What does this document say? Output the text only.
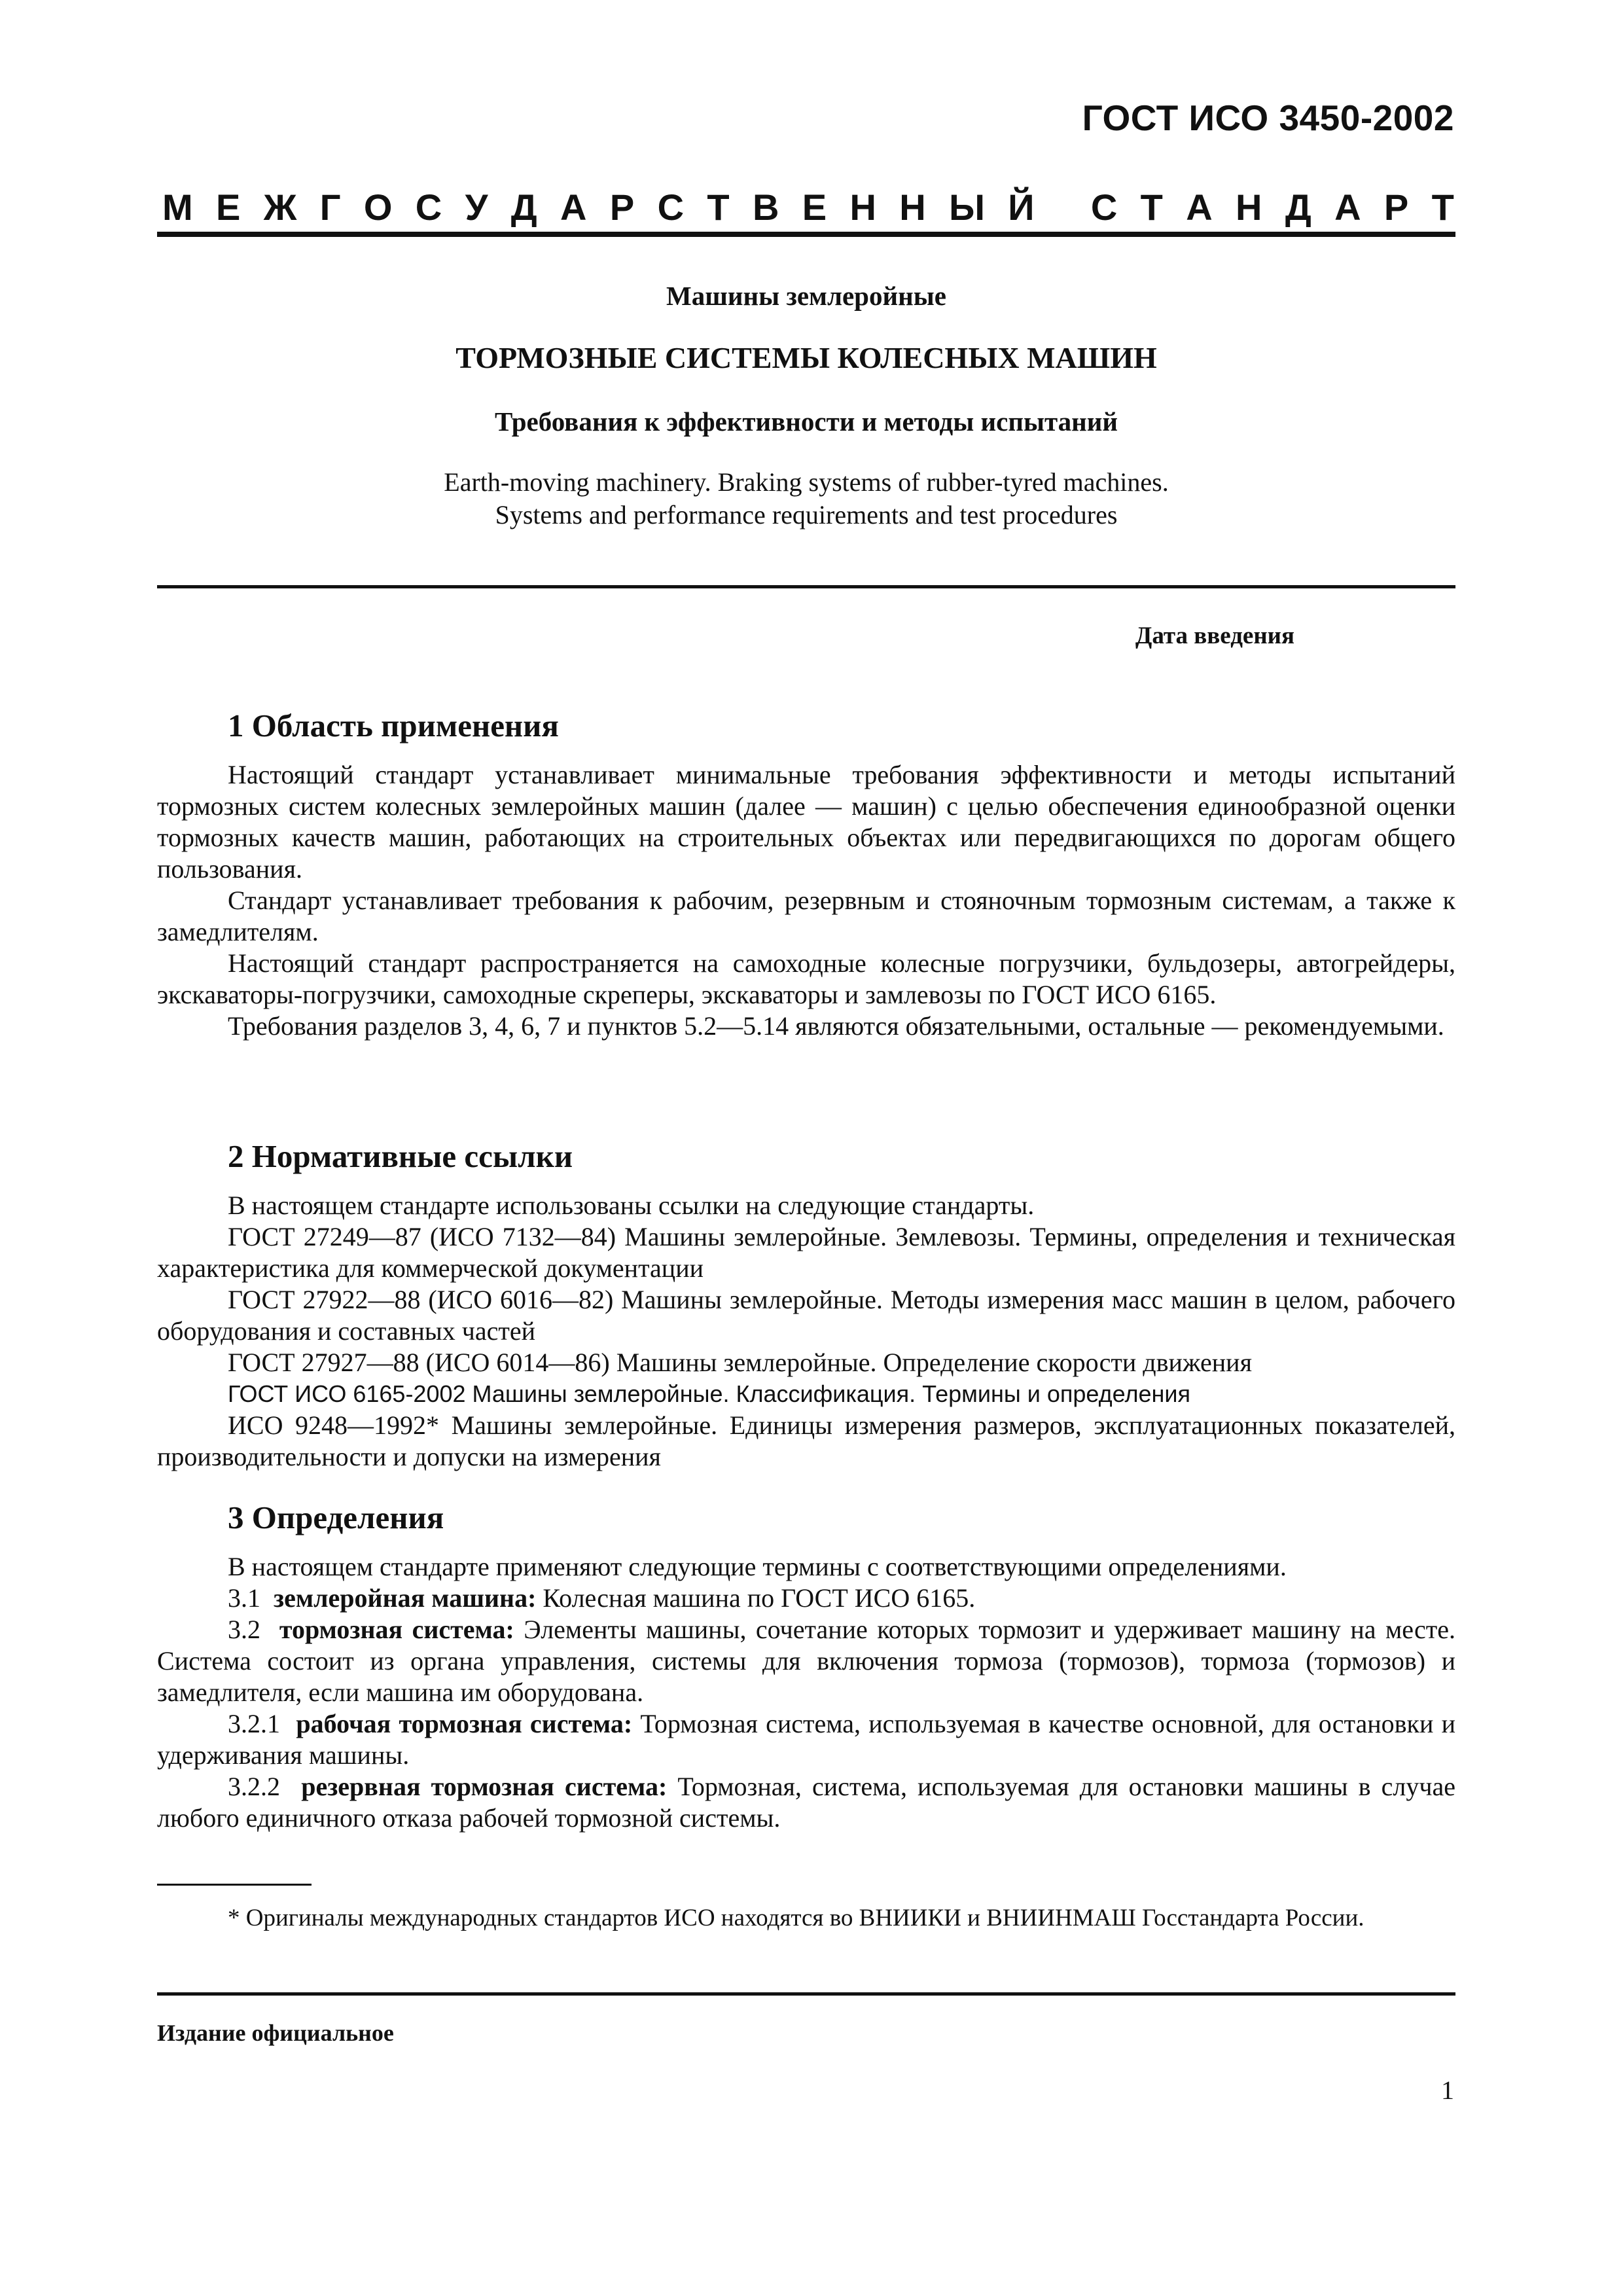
ГОСТ ИСО 3450-2002
М Е Ж Г О С У Д А Р С Т В Е Н Н Ы Й
С Т А Н Д А Р Т
Машины землеройные
ТОРМОЗНЫЕ СИСТЕМЫ КОЛЕСНЫХ МАШИН
Требования к эффективности и методы испытаний
Earth-moving machinery. Braking systems of rubber-tyred machines.
Systems and performance requirements and test procedures
Дата введения
1 Область применения

Настоящий стандарт устанавливает минимальные требования эффективности и методы испытаний тормозных систем колесных землеройных машин (далее — машин) с целью обеспечения единообразной оценки тормозных качеств машин, работающих на строительных объектах или передвигающихся по дорогам общего пользования.

Стандарт устанавливает требования к рабочим, резервным и стояночным тормозным системам, а также к замедлителям.

Настоящий стандарт распространяется на самоходные колесные погрузчики, бульдозеры, автогрейдеры, экскаваторы-погрузчики, самоходные скреперы, экскаваторы и замлевозы по ГОСТ ИСО 6165.

Требования разделов 3, 4, 6, 7 и пунктов 5.2—5.14 являются обязательными, остальные — рекомендуемыми.

2 Нормативные ссылки

В настоящем стандарте использованы ссылки на следующие стандарты.

ГОСТ 27249—87 (ИСО 7132—84) Машины землеройные. Землевозы. Термины, определения и техническая характеристика для коммерческой документации

ГОСТ 27922—88 (ИСО 6016—82) Машины землеройные. Методы измерения масс машин в целом, рабочего оборудования и составных частей

ГОСТ 27927—88 (ИСО 6014—86) Машины землеройные. Определение скорости движения

ГОСТ ИСО 6165-2002 Машины землеройные. Классификация. Термины и определения

ИСО 9248—1992* Машины землеройные. Единицы измерения размеров, эксплуатационных показателей, производительности и допуски на измерения

3 Определения

В настоящем стандарте применяют следующие термины с соответствующими определениями.

3.1 землеройная машина: Колесная машина по ГОСТ ИСО 6165.

3.2 тормозная система: Элементы машины, сочетание которых тормозит и удерживает машину на месте. Система состоит из органа управления, системы для включения тормоза (тормозов), тормоза (тормозов) и замедлителя, если машина им оборудована.

3.2.1 рабочая тормозная система: Тормозная система, используемая в качестве основной, для остановки и удерживания машины.

3.2.2 резервная тормозная система: Тормозная, система, используемая для остановки машины в случае любого единичного отказа рабочей тормозной системы.

* Оригиналы международных стандартов ИСО находятся во ВНИИКИ и ВНИИНМАШ Госстандарта России.
Издание официальное
1
